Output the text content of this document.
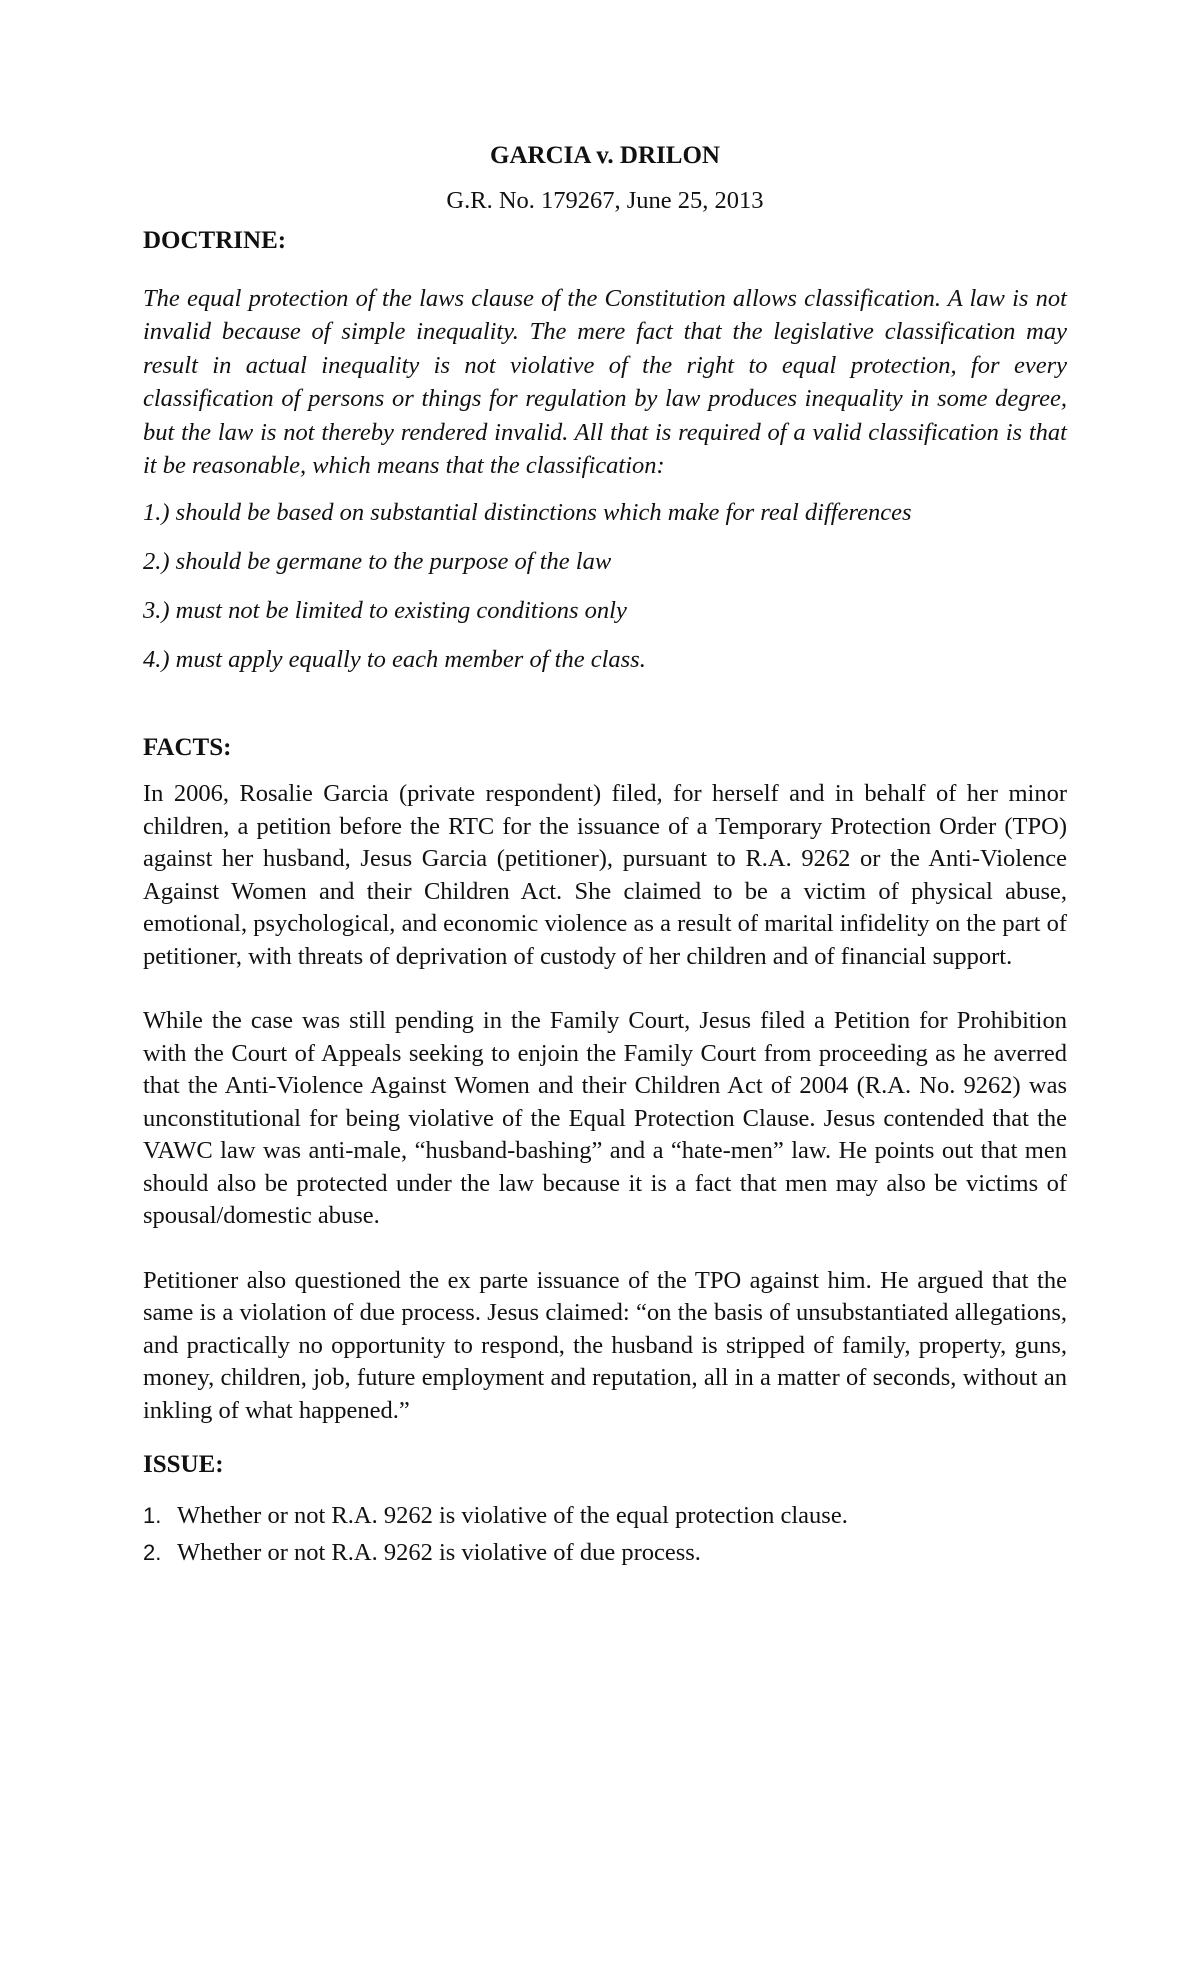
GARCIA v. DRILON

G.R. No. 179267, June 25, 2013

DOCTRINE:

The equal protection of the laws clause of the Constitution allows classification. A law is not invalid because of simple inequality. The mere fact that the legislative classification may result in actual inequality is not violative of the right to equal protection, for every classification of persons or things for regulation by law produces inequality in some degree, but the law is not thereby rendered invalid. All that is required of a valid classification is that it be reasonable, which means that the classification:

1.) should be based on substantial distinctions which make for real differences
2.) should be germane to the purpose of the law
3.) must not be limited to existing conditions only
4.) must apply equally to each member of the class.
FACTS:

In 2006, Rosalie Garcia (private respondent) filed, for herself and in behalf of her minor children, a petition before the RTC for the issuance of a Temporary Protection Order (TPO) against her husband, Jesus Garcia (petitioner), pursuant to R.A. 9262 or the Anti-Violence Against Women and their Children Act. She claimed to be a victim of physical abuse, emotional, psychological, and economic violence as a result of marital infidelity on the part of petitioner, with threats of deprivation of custody of her children and of financial support.

While the case was still pending in the Family Court, Jesus filed a Petition for Prohibition with the Court of Appeals seeking to enjoin the Family Court from proceeding as he averred that the Anti-Violence Against Women and their Children Act of 2004 (R.A. No. 9262) was unconstitutional for being violative of the Equal Protection Clause. Jesus contended that the VAWC law was anti-male, “husband-bashing” and a “hate-men” law. He points out that men should also be protected under the law because it is a fact that men may also be victims of spousal/domestic abuse.

Petitioner also questioned the ex parte issuance of the TPO against him. He argued that the same is a violation of due process. Jesus claimed: “on the basis of unsubstantiated allegations, and practically no opportunity to respond, the husband is stripped of family, property, guns, money, children, job, future employment and reputation, all in a matter of seconds, without an inkling of what happened.”

ISSUE:
1. Whether or not R.A. 9262 is violative of the equal protection clause.
2. Whether or not R.A. 9262 is violative of due process.
